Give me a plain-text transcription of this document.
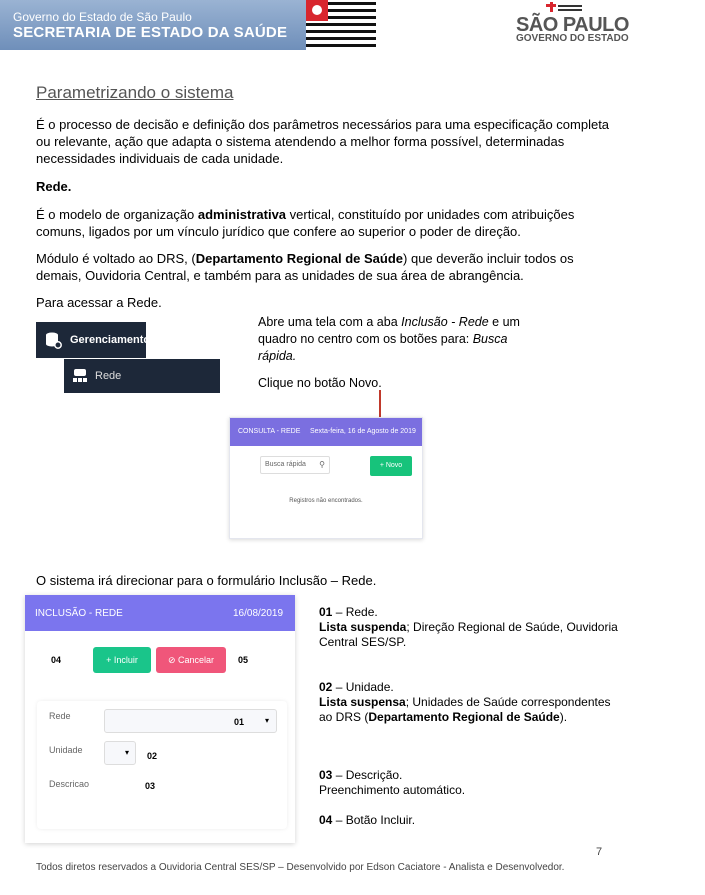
Governo do Estado de São Paulo
SECRETARIA DE ESTADO DA SAÚDE	SÃO PAULO
GOVERNO DO ESTADO
Parametrizando o sistema
É o processo de decisão e definição dos parâmetros necessários para uma especificação completa ou relevante, ação que adapta o sistema atendendo a melhor forma possível, determinadas necessidades individuais de cada unidade.
Rede.
É o modelo de organização administrativa vertical, constituído por unidades com atribuições comuns, ligados por um vínculo jurídico que confere ao superior o poder de direção.
Módulo é voltado ao DRS, (Departamento Regional de Saúde) que deverão incluir todos os demais, Ouvidoria Central, e também para as unidades de sua área de abrangência.
Para acessar a Rede.
Gerenciamento
Rede
Abre uma tela com a aba Inclusão - Rede e um quadro no centro com os botões para: Busca rápida.
Clique no botão Novo.
CONSULTA - REDE Sexta-feira, 16 de Agosto de 2019
Busca rápida ⚲	+ Novo
Registros não encontrados.
O sistema irá direcionar para o formulário Inclusão – Rede.
INCLUSÃO - REDE	16/08/2019
04	+ Incluir	⊘ Cancelar	05
Rede
01	▾
Unidade	▾ 02
Descricao	03
01 – Rede.
Lista suspenda; Direção Regional de Saúde, Ouvidoria Central SES/SP.
02 – Unidade.
Lista suspensa; Unidades de Saúde correspondentes ao DRS (Departamento Regional de Saúde).
03 – Descrição.
Preenchimento automático.
04 – Botão Incluir.
7
Todos diretos reservados a Ouvidoria Central SES/SP – Desenvolvido por Edson Caciatore - Analista e Desenvolvedor.
